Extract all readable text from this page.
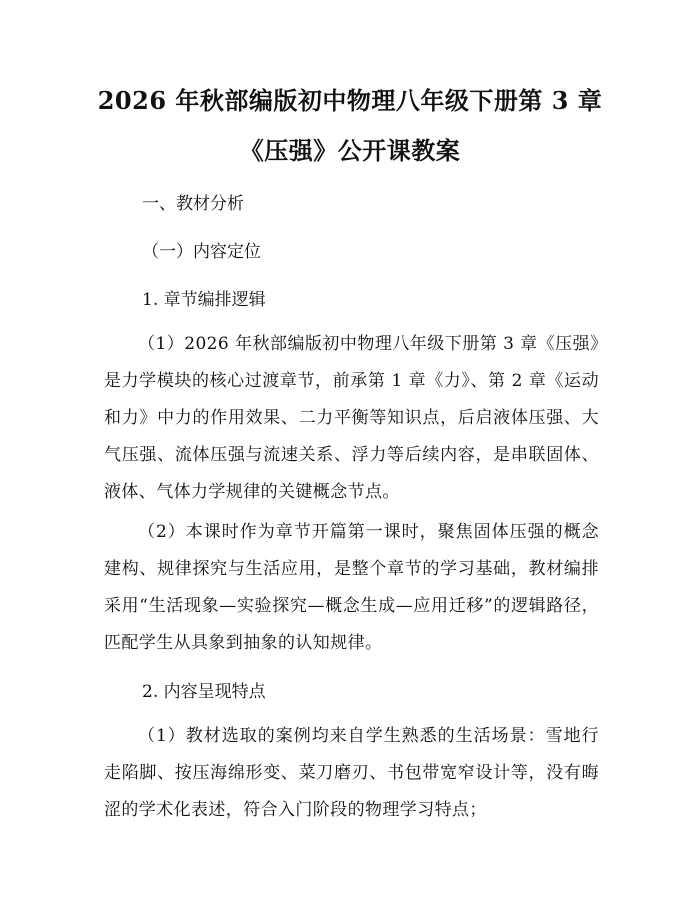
2026 年秋部编版初中物理八年级下册第 3 章
《压强》公开课教案
一、教材分析
（一）内容定位
1. 章节编排逻辑

（1）2026 年秋部编版初中物理八年级下册第 3 章《压强》是力学模块的核心过渡章节，前承第 1 章《力》、第 2 章《运动和力》中力的作用效果、二力平衡等知识点，后启液体压强、大气压强、流体压强与流速关系、浮力等后续内容，是串联固体、液体、气体力学规律的关键概念节点。

（2）本课时作为章节开篇第一课时，聚焦固体压强的概念建构、规律探究与生活应用，是整个章节的学习基础，教材编排采用“生活现象—实验探究—概念生成—应用迁移”的逻辑路径，匹配学生从具象到抽象的认知规律。

2. 内容呈现特点

（1）教材选取的案例均来自学生熟悉的生活场景：雪地行走陷脚、按压海绵形变、菜刀磨刃、书包带宽窄设计等，没有晦涩的学术化表述，符合入门阶段的物理学习特点；
